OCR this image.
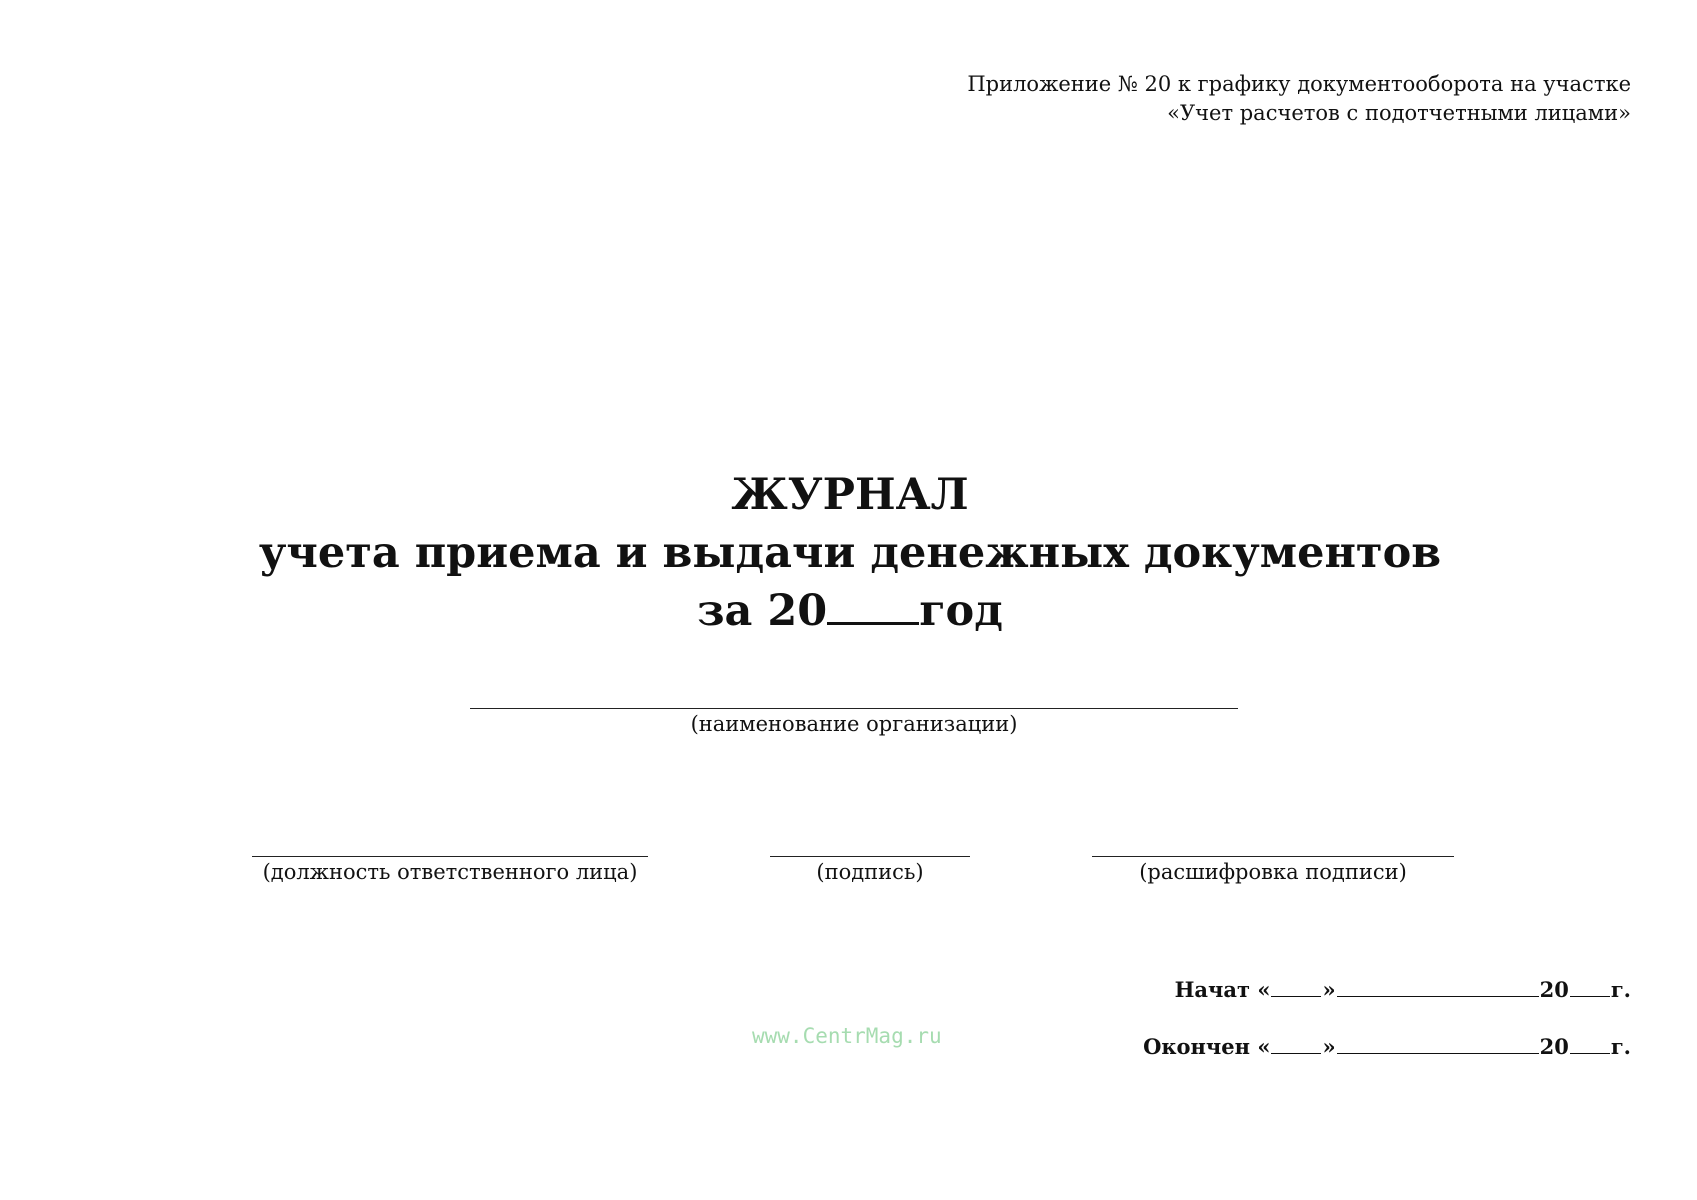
Приложение № 20 к графику документооборота на участке
«Учет расчетов с подотчетными лицами»
ЖУРНАЛ
учета приема и выдачи денежных документов
за 20 год
(наименование организации)
(должность ответственного лица)	(подпись)	(расшифровка подписи)
Начат « »	20 г.
Окончен « »	20 г.
www.CentrMag.ru
